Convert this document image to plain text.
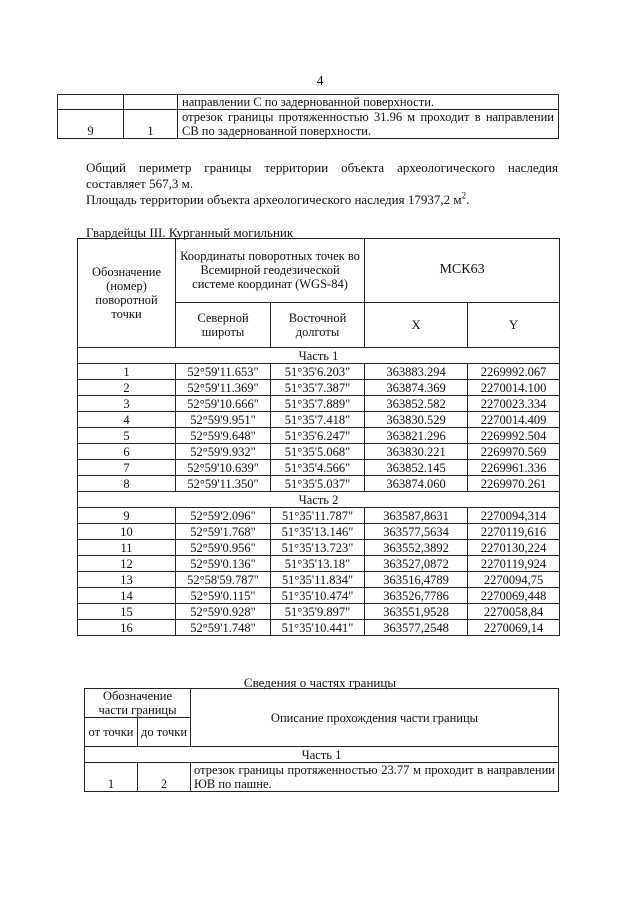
4
		направлении С по задернованной поверхности.
9	1	отрезок границы протяженностью 31.96 м проходит в направлении СВ по задернованной поверхности.
Общий периметр границы территории объекта археологического наследия составляет 567,3 м.
Площадь территории объекта археологического наследия 17937,2 $м^2$.
Гвардейцы III. Курганный могильник
Обозначение (номер) поворотной точки	Координаты поворотных точек во Всемирной геодезической системе координат (WGS-84)		МСК63	
	Северной широты	Восточной долготы	X	Y
Часть 1				
1	52°59'11.653"	51°35'6.203"	363883.294	2269992.067
2	52°59'11.369"	51°35'7.387"	363874.369	2270014.100
3	52°59'10.666"	51°35'7.889"	363852.582	2270023.334
4	52°59'9.951"	51°35'7.418"	363830.529	2270014.409
5	52°59'9.648"	51°35'6.247"	363821.296	2269992.504
6	52°59'9.932"	51°35'5.068"	363830.221	2269970.569
7	52°59'10.639"	51°35'4.566"	363852.145	2269961.336
8	52°59'11.350"	51°35'5.037"	363874.060	2269970.261
Часть 2				
9	52°59'2.096"	51°35'11.787"	363587,8631	2270094,314
10	52°59'1.768"	51°35'13.146"	363577,5634	2270119,616
11	52°59'0.956"	51°35'13.723"	363552,3892	2270130,224
12	52°59'0.136"	51°35'13.18"	363527,0872	2270119,924
13	52°58'59.787"	51°35'11.834"	363516,4789	2270094,75
14	52°59'0.115"	51°35'10.474"	363526,7786	2270069,448
15	52°59'0.928"	51°35'9.897"	363551,9528	2270058,84
16	52°59'1.748"	51°35'10.441"	363577,2548	2270069,14
Сведения о частях границы
Обозначение части границы		Описание прохождения части границы
от точки	до точки	
Часть 1		
1	2	отрезок границы протяженностью 23.77 м проходит в направлении ЮВ по пашне.
